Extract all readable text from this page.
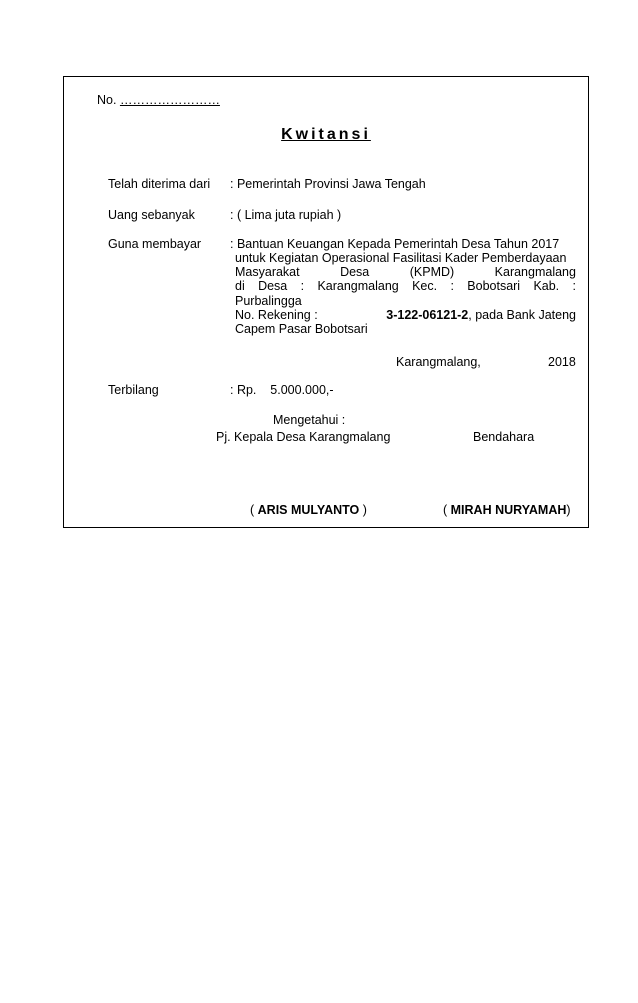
No. ……………………
Kwitansi
Telah diterima dari : Pemerintah Provinsi Jawa Tengah
Uang sebanyak	: ( Lima juta rupiah )
Guna membayar : Bantuan Keuangan Kepada Pemerintah Desa Tahun 2017
untuk Kegiatan Operasional Fasilitasi Kader Pemberdayaan
Masyarakat	Desa	(KPMD)	Karangmalang
di Desa : Karangmalang Kec. : Bobotsari Kab. :
Purbalingga
No. Rekening :	3-122-06121-2, pada Bank Jateng
Capem Pasar Bobotsari
Karangmalang,	2018
Terbilang	: Rp.    5.000.000,-
Mengetahui :
Pj. Kepala Desa Karangmalang	Bendahara
( ARIS MULYANTO )	( MIRAH NURYAMAH)
